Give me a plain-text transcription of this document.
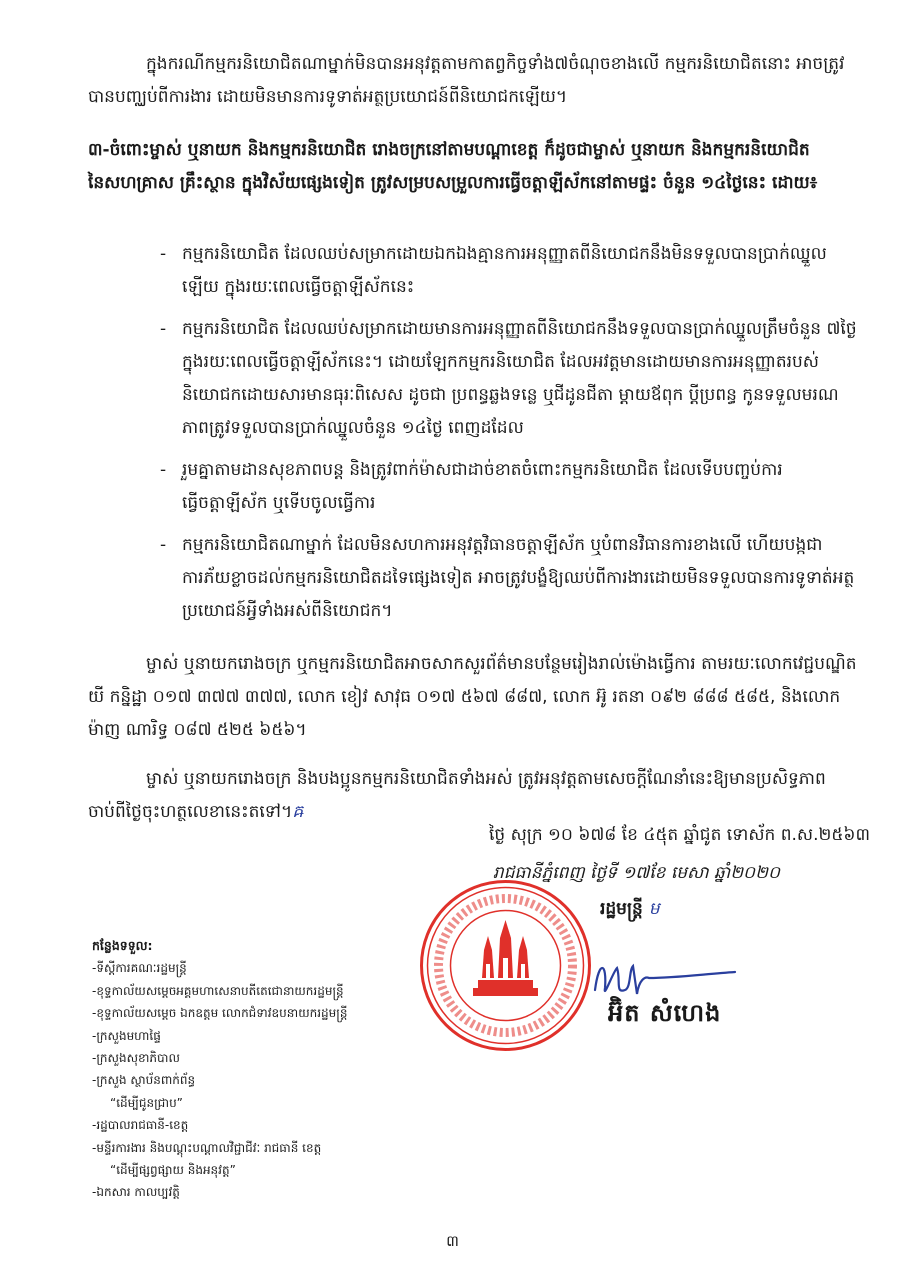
ក្នុងករណីកម្មករនិយោជិតណាម្នាក់មិនបានអនុវត្តតាមកាតព្វកិច្ចទាំង៧ចំណុចខាងលើ កម្មករនិយោជិតនោះ អាចត្រូវបានបញ្ឈប់ពីការងារ ដោយមិនមានការទូទាត់អត្ថប្រយោជន៍ពីនិយោជកឡើយ។

៣-ចំពោះម្ចាស់ ឬនាយក និងកម្មករនិយោជិត រោងចក្រនៅតាមបណ្តាខេត្ត ក៏ដូចជាម្ចាស់ ឬនាយក និងកម្មករនិយោជិត នៃសហគ្រាស គ្រឹះស្ថាន ក្នុងវិស័យផ្សេងទៀត ត្រូវសម្របសម្រួលការធ្វើចត្តាឡីស័កនៅតាមផ្ទះ ចំនួន ១៤ថ្ងៃនេះ ដោយ៖

- កម្មករនិយោជិត ដែលឈប់សម្រាកដោយឯកឯងគ្មានការអនុញ្ញាតពីនិយោជកនឹងមិនទទួលបានប្រាក់ឈ្នួលឡើយ ក្នុងរយៈពេលធ្វើចត្តាឡីស័កនេះ
- កម្មករនិយោជិត ដែលឈប់សម្រាកដោយមានការអនុញ្ញាតពីនិយោជកនឹងទទួលបានប្រាក់ឈ្នួលត្រឹមចំនួន ៧ថ្ងៃ ក្នុងរយៈពេលធ្វើចត្តាឡីស័កនេះ។ ដោយឡែកកម្មករនិយោជិត ដែលអវត្តមានដោយមានការអនុញ្ញាតរបស់និយោជកដោយសារមានធុរៈពិសេស ដូចជា ប្រពន្ធឆ្លងទន្លេ ឬជីដូនជីតា ម្តាយឪពុក ប្តីប្រពន្ធ កូនទទួលមរណភាពត្រូវទទួលបានប្រាក់ឈ្នួលចំនួន ១៤ថ្ងៃ ពេញដដែល
- រួមគ្នាតាមដានសុខភាពបន្ត និងត្រូវពាក់ម៉ាសជាដាច់ខាតចំពោះកម្មករនិយោជិត ដែលទើបបញ្ចប់ការធ្វើចត្តាឡីស័ក ឬទើបចូលធ្វើការ
- កម្មករនិយោជិតណាម្នាក់ ដែលមិនសហការអនុវត្តវិធានចត្តាឡីស័ក ឬបំពានវិធានការខាងលើ ហើយបង្កជាការភ័យខ្លាចដល់កម្មករនិយោជិតដទៃផ្សេងទៀត អាចត្រូវបង្ខំឱ្យឈប់ពីការងារដោយមិនទទួលបានការទូទាត់អត្ថប្រយោជន៍អ្វីទាំងអស់ពីនិយោជក។

ម្ចាស់ ឬនាយករោងចក្រ ឬកម្មករនិយោជិតអាចសាកសួរព័ត៌មានបន្ថែមរៀងរាល់ម៉ោងធ្វើការ តាមរយៈលោកវេជ្ជបណ្ឌិត យី កន្និដ្ឋា ០១៧ ៣៧៧ ៣៧៧, លោក ខៀវ សាវុធ ០១៧ ៥៦៧ ៨៨៧, លោក អ៊ូ រតនា ០៩២ ៨៨៨ ៥៨៥, និងលោក ម៉ាញ ណារិទ្ធ ០៨៧ ៥២៥ ៦៥៦។

ម្ចាស់ ឬនាយករោងចក្រ និងបងប្អូនកម្មករនិយោជិតទាំងអស់ ត្រូវអនុវត្តតាមសេចក្តីណែនាំនេះឱ្យមានប្រសិទ្ធភាពចាប់ពីថ្ងៃចុះហត្ថលេខានេះតទៅ។ឝ

ថ្ងៃ សុក្រ ១០ ៦៧៨ ខែ ៤៥ុត ឆ្នាំជូត ទោស័ក ព.ស.២៥៦៣
រាជធានីភ្នំពេញ ថ្ងៃទី ១៧ខែ មេសា ឆ្នាំ២០២០
រដ្ឋមន្ត្រី ម
អ៊ិត សំហេង
កន្លែងទទួល:
-ទីស្តីការគណៈរដ្ឋមន្ត្រី
-ខុទ្ទកាល័យសម្តេចអគ្គមហាសេនាបតីតេជោនាយករដ្ឋមន្ត្រី
-ខុទ្ទកាល័យសម្តេច ឯកឧត្តម លោកជំទាវឧបនាយករដ្ឋមន្ត្រី
-ក្រសួងមហាផ្ទៃ
-ក្រសួងសុខាភិបាល
-ក្រសួង ស្ថាប័នពាក់ព័ន្ធ
“ដើម្បីជូនជ្រាប”
-រដ្ឋបាលរាជធានី-ខេត្ត
-មន្ទីរការងារ និងបណ្តុះបណ្តាលវិជ្ជាជីវៈ រាជធានី ខេត្ត
“ដើម្បីផ្សព្វផ្សាយ និងអនុវត្ត”
-ឯកសារ កាលប្បវត្តិ
៣
